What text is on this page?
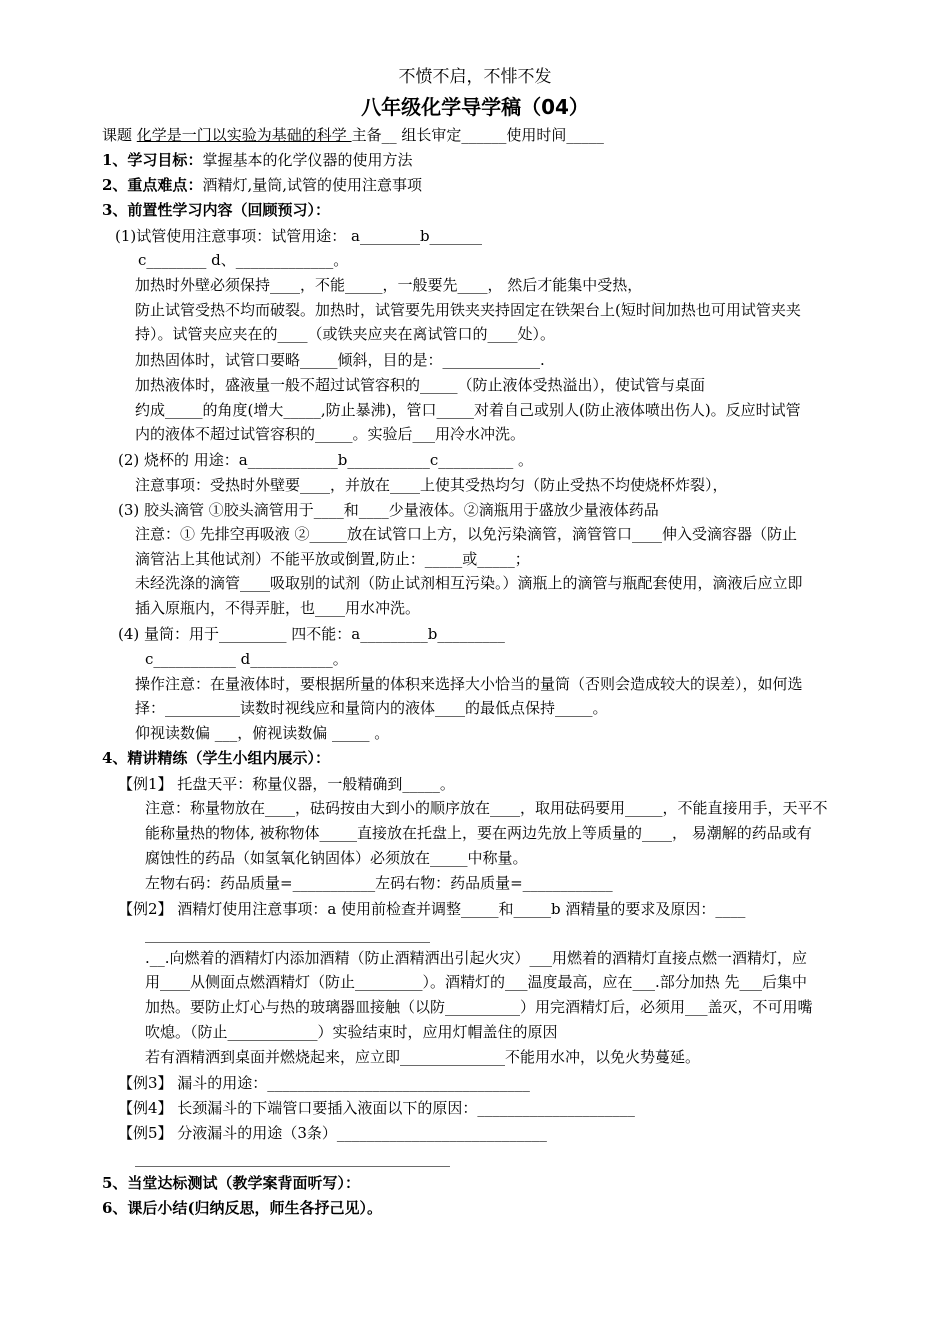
不愤不启，不悱不发
八年级化学导学稿（04）
课题 化学是一门以实验为基础的科学 主备__ 组长审定______使用时间_____
1、学习目标：掌握基本的化学仪器的使用方法
2、重点难点：酒精灯,量筒,试管的使用注意事项
3、前置性学习内容（回顾预习）：
(1)试管使用注意事项：试管用途： a________b_______
c________ d、_____________。
加热时外壁必须保持____，不能_____，一般要先____， 然后才能集中受热，
防止试管受热不均而破裂。加热时，试管要先用铁夹夹持固定在铁架台上(短时间加热也可用试管夹夹
持）。试管夹应夹在的____（或铁夹应夹在离试管口的____处）。
加热固体时，试管口要略_____倾斜，目的是：_____________.
加热液体时，盛液量一般不超过试管容积的_____（防止液体受热溢出），使试管与桌面
约成_____的角度(增大_____,防止暴沸)，管口_____对着自己或别人(防止液体喷出伤人)。反应时试管
内的液体不超过试管容积的_____。实验后___用冷水冲洗。
(2) 烧杯的 用途：a____________b___________c__________ 。
注意事项：受热时外壁要____，并放在____上使其受热均匀（防止受热不均使烧杯炸裂），
(3) 胶头滴管 ①胶头滴管用于____和____少量液体。②滴瓶用于盛放少量液体药品
注意：① 先排空再吸液 ②_____放在试管口上方，以免污染滴管，滴管管口____伸入受滴容器（防止
滴管沾上其他试剂）不能平放或倒置,防止：_____或_____；
未经洗涤的滴管____吸取别的试剂（防止试剂相互污染。）滴瓶上的滴管与瓶配套使用，滴液后应立即
插入原瓶内，不得弄脏，也____用水冲洗。
(4) 量筒：用于_________ 四不能：a_________b_________
c___________ d___________。
操作注意：在量液体时，要根据所量的体积来选择大小恰当的量筒（否则会造成较大的误差），如何选
择：__________读数时视线应和量筒内的液体____的最低点保持_____。
仰视读数偏 ___，俯视读数偏 _____ 。
4、精讲精练（学生小组内展示）：
【例1】 托盘天平：称量仪器，一般精确到_____。
注意：称量物放在____，砝码按由大到小的顺序放在____，取用砝码要用_____，不能直接用手，天平不
能称量热的物体, 被称物体_____直接放在托盘上，要在两边先放上等质量的____， 易潮解的药品或有
腐蚀性的药品（如氢氧化钠固体）必须放在_____中称量。
左物右码：药品质量=___________左码右物：药品质量=____________
【例2】 酒精灯使用注意事项：a 使用前检查并调整_____和_____b 酒精量的要求及原因：____
______________________________________
.__.向燃着的酒精灯内添加酒精（防止酒精洒出引起火灾）___用燃着的酒精灯直接点燃一酒精灯，应
用____从侧面点燃酒精灯（防止_________）。酒精灯的___温度最高，应在___.部分加热 先___后集中
加热。要防止灯心与热的玻璃器皿接触（以防__________）用完酒精灯后，必须用___盖灭，不可用嘴
吹熄。（防止____________）实验结束时，应用灯帽盖住的原因
若有酒精洒到桌面并燃烧起来，应立即______________不能用水冲，以免火势蔓延。
【例3】 漏斗的用途：___________________________________
【例4】 长颈漏斗的下端管口要插入液面以下的原因：_____________________
【例5】 分液漏斗的用途（3条）____________________________
__________________________________________
5、当堂达标测试（教学案背面听写）：
6、课后小结(归纳反思，师生各抒己见）。
